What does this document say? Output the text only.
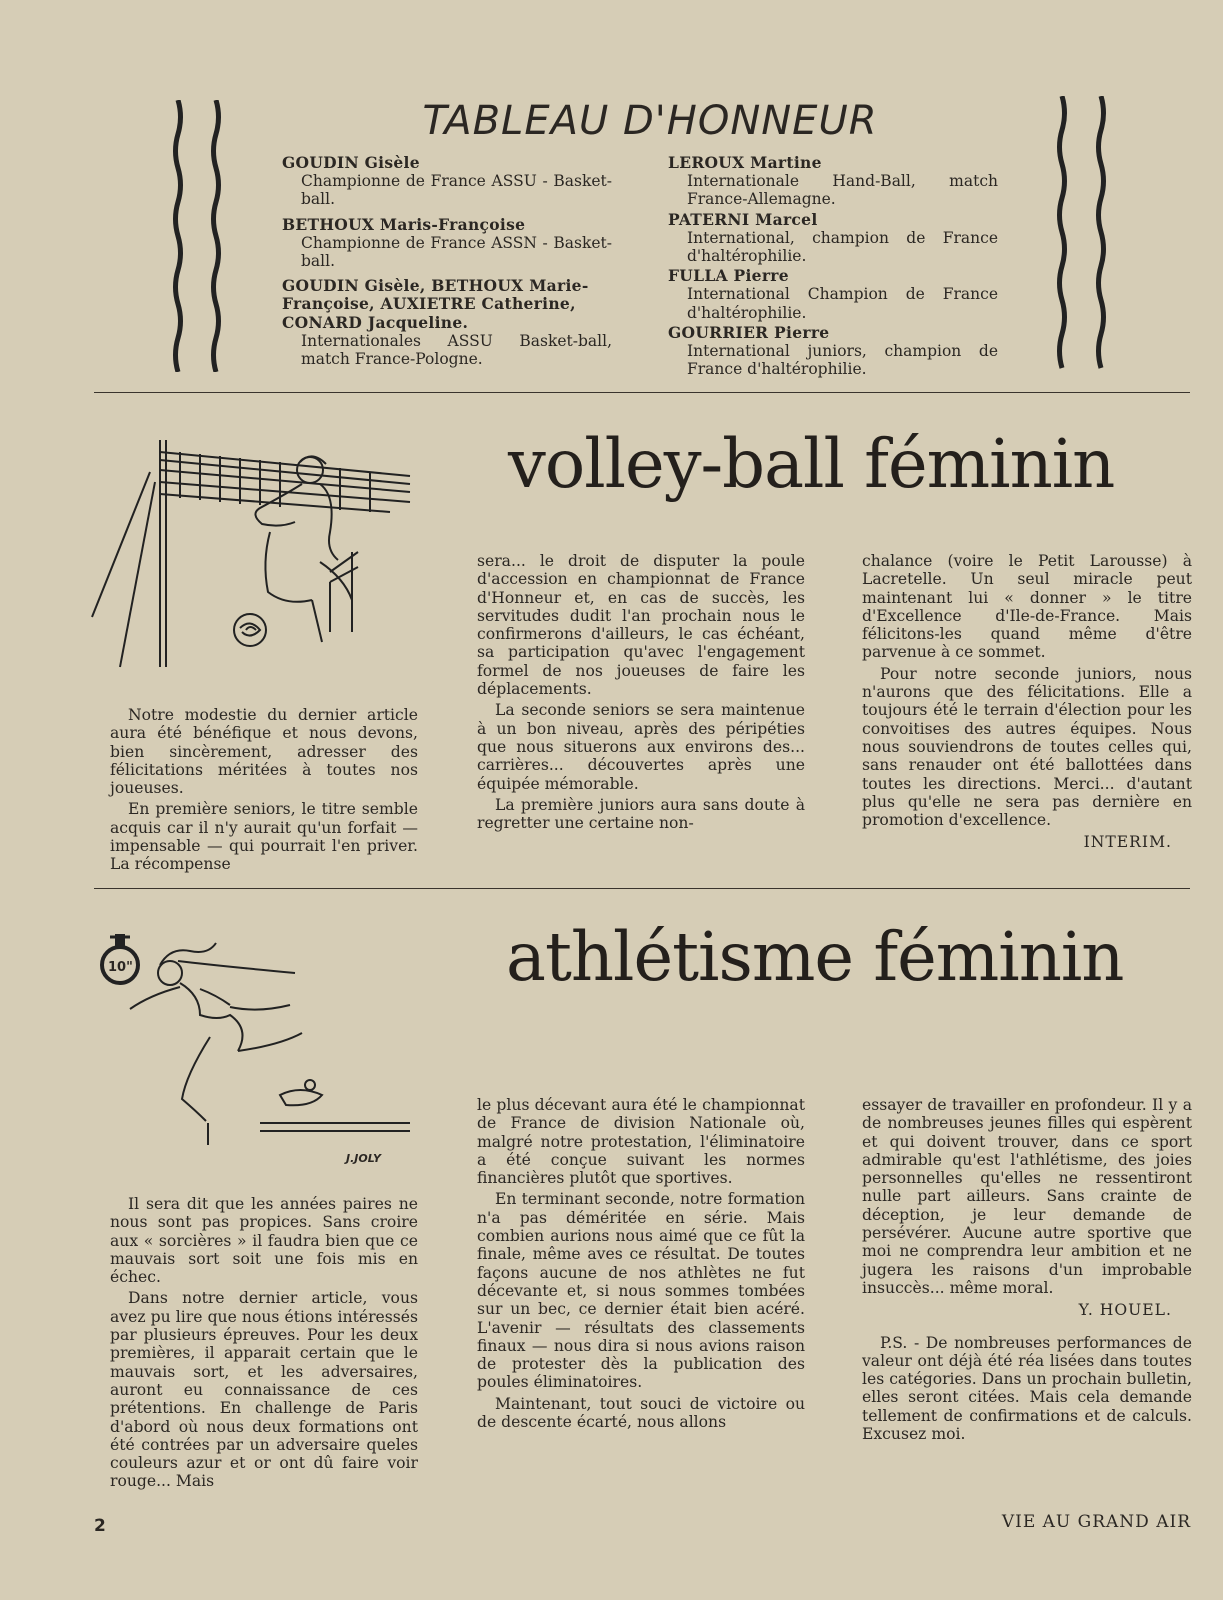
TABLEAU D'HONNEUR
GOUDIN Gisèle
Championne de France ASSU - Basket-ball.
BETHOUX Maris-Françoise
Championne de France ASSN - Basket-ball.
GOUDIN Gisèle, BETHOUX Marie-Françoise, AUXIETRE Catherine, CONARD Jacqueline.
Internationales ASSU Basket-ball, match France-Pologne.
LEROUX Martine
Internationale Hand-Ball, match France-Allemagne.
PATERNI Marcel
International, champion de France d'haltérophilie.
FULLA Pierre
International Champion de France d'haltérophilie.
GOURRIER Pierre
International juniors, champion de France d'haltérophilie.
volley-ball féminin

Notre modestie du dernier article aura été bénéfique et nous devons, bien sincèrement, adresser des félicitations méritées à toutes nos joueuses.

En première seniors, le titre semble acquis car il n'y aurait qu'un forfait — impensable — qui pourrait l'en priver. La récompense

sera... le droit de disputer la poule d'accession en championnat de France d'Honneur et, en cas de succès, les servitudes dudit l'an prochain nous le confirmerons d'ailleurs, le cas échéant, sa participation qu'avec l'engagement formel de nos joueuses de faire les déplacements.

La seconde seniors se sera maintenue à un bon niveau, après des péripéties que nous situerons aux environs des... carrières... découvertes après une équipée mémorable.

La première juniors aura sans doute à regretter une certaine non-

chalance (voire le Petit Larousse) à Lacretelle. Un seul miracle peut maintenant lui « donner » le titre d'Excellence d'Ile-de-France. Mais félicitons-les quand même d'être parvenue à ce sommet.

Pour notre seconde juniors, nous n'aurons que des félicitations. Elle a toujours été le terrain d'élection pour les convoitises des autres équipes. Nous nous souviendrons de toutes celles qui, sans renauder ont été ballottées dans toutes les directions. Merci... d'autant plus qu'elle ne sera pas dernière en promotion d'excellence.

INTERIM.
10"
J.JOLY
athlétisme féminin

Il sera dit que les années paires ne nous sont pas propices. Sans croire aux « sorcières » il faudra bien que ce mauvais sort soit une fois mis en échec.

Dans notre dernier article, vous avez pu lire que nous étions intéressés par plusieurs épreuves. Pour les deux premières, il apparait certain que le mauvais sort, et les adversaires, auront eu connaissance de ces prétentions. En challenge de Paris d'abord où nous deux formations ont été contrées par un adversaire queles couleurs azur et or ont dû faire voir rouge... Mais

le plus décevant aura été le championnat de France de division Nationale où, malgré notre protestation, l'éliminatoire a été conçue suivant les normes financières plutôt que sportives.

En terminant seconde, notre formation n'a pas déméritée en série. Mais combien aurions nous aimé que ce fût la finale, même aves ce résultat. De toutes façons aucune de nos athlètes ne fut décevante et, si nous sommes tombées sur un bec, ce dernier était bien acéré. L'avenir — résultats des classements finaux — nous dira si nous avions raison de protester dès la publication des poules éliminatoires.

Maintenant, tout souci de victoire ou de descente écarté, nous allons

essayer de travailler en profondeur. Il y a de nombreuses jeunes filles qui espèrent et qui doivent trouver, dans ce sport admirable qu'est l'athlétisme, des joies personnelles qu'elles ne ressentiront nulle part ailleurs. Sans crainte de déception, je leur demande de persévérer. Aucune autre sportive que moi ne comprendra leur ambition et ne jugera les raisons d'un improbable insuccès... même moral.

Y. HOUEL.

P.S. - De nombreuses performances de valeur ont déjà été réa lisées dans toutes les catégories. Dans un prochain bulletin, elles seront citées. Mais cela demande tellement de confirmations et de calculs. Excusez moi.

2	VIE AU GRAND AIR
